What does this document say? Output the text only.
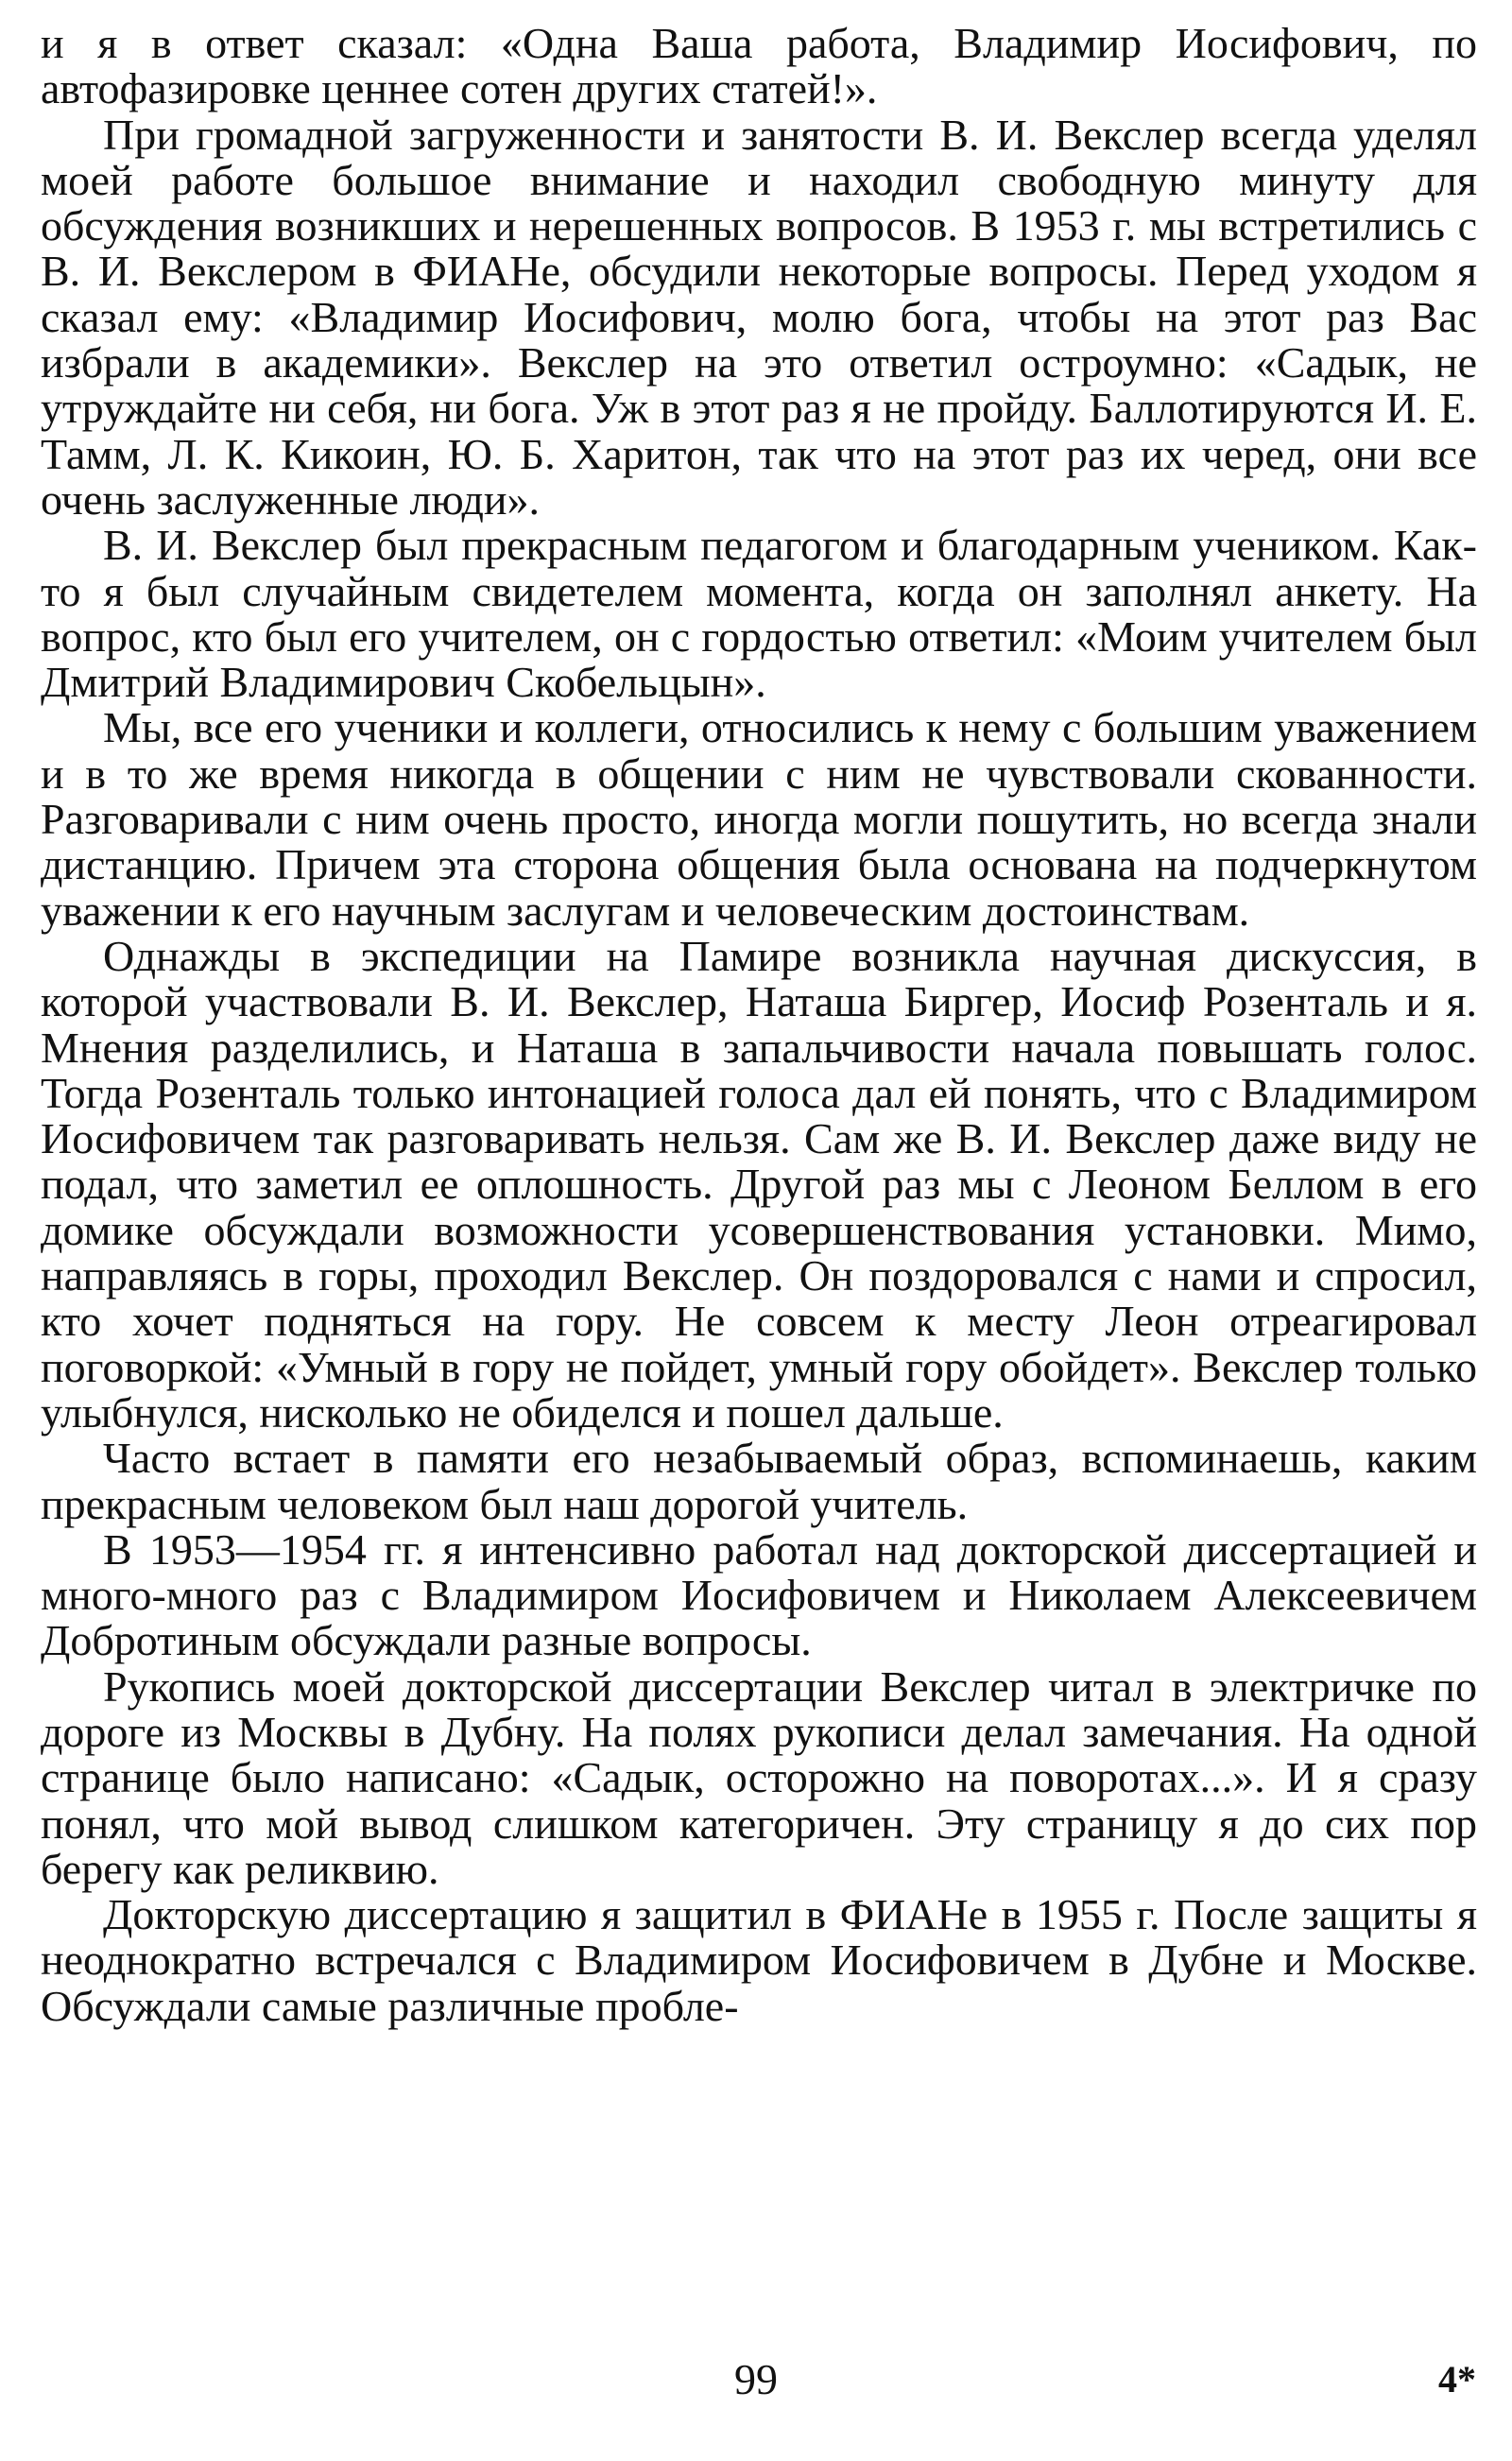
и я в ответ сказал: «Одна Ваша работа, Владимир Иосифович, по автофазировке ценнее сотен других статей!».

При громадной загруженности и занятости В. И. Векслер всегда уделял моей работе большое внимание и находил свободную минуту для обсуждения возникших и нерешенных вопросов. В 1953 г. мы встретились с В. И. Векслером в ФИАНе, обсудили некоторые вопросы. Перед уходом я сказал ему: «Владимир Иосифович, молю бога, чтобы на этот раз Вас избрали в академики». Векслер на это ответил остроумно: «Садык, не утруждайте ни себя, ни бога. Уж в этот раз я не пройду. Баллотируются И. Е. Тамм, Л. К. Кикоин, Ю. Б. Харитон, так что на этот раз их черед, они все очень заслуженные люди».

В. И. Векслер был прекрасным педагогом и благодарным учеником. Как-то я был случайным свидетелем момента, когда он заполнял анкету. На вопрос, кто был его учителем, он с гордостью ответил: «Моим учителем был Дмитрий Владимирович Скобельцын».

Мы, все его ученики и коллеги, относились к нему с большим уважением и в то же время никогда в общении с ним не чувствовали скованности. Разговаривали с ним очень просто, иногда могли пошутить, но всегда знали дистанцию. Причем эта сторона общения была основана на подчеркнутом уважении к его научным заслугам и человеческим достоинствам.

Однажды в экспедиции на Памире возникла научная дискуссия, в которой участвовали В. И. Векслер, Наташа Биргер, Иосиф Розенталь и я. Мнения разделились, и Наташа в запальчивости начала повышать голос. Тогда Розенталь только интонацией голоса дал ей понять, что с Владимиром Иосифовичем так разговаривать нельзя. Сам же В. И. Векслер даже виду не подал, что заметил ее оплошность. Другой раз мы с Леоном Беллом в его домике обсуждали возможности усовершенствования установки. Мимо, направляясь в горы, проходил Векслер. Он поздоровался с нами и спросил, кто хочет подняться на гору. Не совсем к месту Леон отреагировал поговоркой: «Умный в гору не пойдет, умный гору обойдет». Векслер только улыбнулся, нисколько не обиделся и пошел дальше.

Часто встает в памяти его незабываемый образ, вспоминаешь, каким прекрасным человеком был наш дорогой учитель.

В 1953—1954 гг. я интенсивно работал над докторской диссертацией и много-много раз с Владимиром Иосифовичем и Николаем Алексеевичем Добротиным обсуждали разные вопросы.

Рукопись моей докторской диссертации Векслер читал в электричке по дороге из Москвы в Дубну. На полях рукописи делал замечания. На одной странице было написано: «Садык, осторожно на поворотах...». И я сразу понял, что мой вывод слишком категоричен. Эту страницу я до сих пор берегу как реликвию.

Докторскую диссертацию я защитил в ФИАНе в 1955 г. После защиты я неоднократно встречался с Владимиром Иосифовичем в Дубне и Москве. Обсуждали самые различные пробле-

99	4*
